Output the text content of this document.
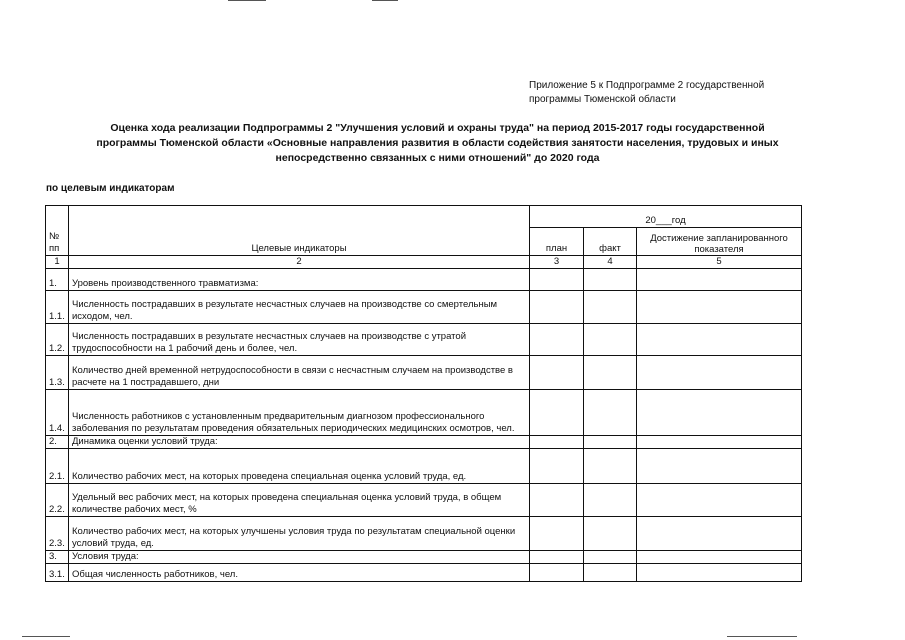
Приложение 5 к Подпрограмме 2 государственной
программы Тюменской области
Оценка хода реализации Подпрограммы 2 "Улучшения условий и охраны труда" на период 2015-2017 годы государственной
программы Тюменской области «Основные направления развития в области содействия занятости населения, трудовых и иных
непосредственно связанных с ними отношений" до 2020 года
по целевым индикаторам
№ пп	Целевые индикаторы	20___год		
		план	факт	Достижение запланированного показателя
1	2	3	4	5
1.	Уровень производственного травматизма:			
1.1.	Численность пострадавших в результате несчастных случаев на производстве со смертельным исходом, чел.			
1.2.	Численность пострадавших в результате несчастных случаев на производстве с утратой трудоспособности на 1 рабочий день и более, чел.			
1.3.	Количество дней временной нетрудоспособности в связи с несчастным случаем на производстве в расчете на 1 пострадавшего, дни			
1.4.	Численность работников с установленным предварительным диагнозом профессионального заболевания по результатам проведения обязательных периодических медицинских осмотров, чел.			
2.	Динамика оценки условий труда:			
2.1.	Количество рабочих мест, на которых проведена специальная оценка условий труда, ед.			
2.2.	Удельный вес рабочих мест, на которых проведена специальная оценка условий труда, в общем количестве рабочих мест, %			
2.3.	Количество рабочих мест, на которых улучшены условия труда по результатам специальной оценки условий труда, ед.			
3.	Условия труда:			
3.1.	Общая численность работников, чел.			
